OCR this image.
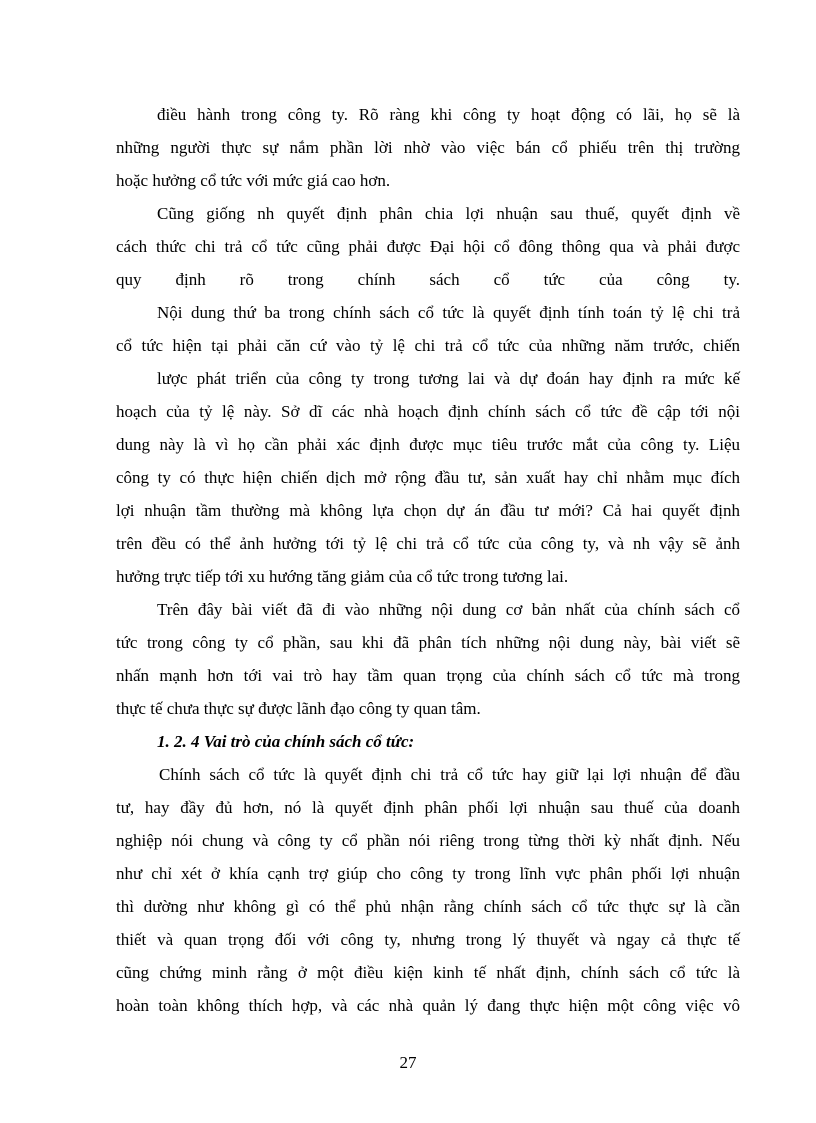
điều hành trong công ty. Rõ ràng khi công ty hoạt động có lãi, họ sẽ là
những người thực sự nắm phần lời nhờ vào việc bán cổ phiếu trên thị trường
hoặc hưởng cổ tức với mức giá cao hơn.
Cũng giống nh quyết định phân chia lợi nhuận sau thuế, quyết định về
cách thức chi trả cổ tức cũng phải được Đại hội cổ đông thông qua và phải được
quy định rõ trong chính sách cổ tức của công ty.
Nội dung thứ ba trong chính sách cổ tức là quyết định tính toán tỷ lệ chi trả
cổ tức hiện tại phải căn cứ vào tỷ lệ chi trả cổ tức của những năm trước, chiến
lược phát triển của công ty trong tương lai và dự đoán hay định ra mức kế
hoạch của tỷ lệ này. Sở dĩ các nhà hoạch định chính sách cổ tức đề cập tới nội
dung này là vì họ cần phải xác định được mục tiêu trước mắt của công ty. Liệu
công ty có thực hiện chiến dịch mở rộng đầu tư, sản xuất hay chỉ nhằm mục đích
lợi nhuận tầm thường mà không lựa chọn dự án đầu tư mới? Cả hai quyết định
trên đều có thể ảnh hưởng tới tỷ lệ chi trả cổ tức của công ty, và nh vậy sẽ ảnh
hưởng trực tiếp tới xu hướng tăng giảm của cổ tức trong tương lai.
Trên đây bài viết đã đi vào những nội dung cơ bản nhất của chính sách cổ
tức trong công ty cổ phần, sau khi đã phân tích những nội dung này, bài viết sẽ
nhấn mạnh hơn tới vai trò hay tầm quan trọng của chính sách cổ tức mà trong
thực tế chưa thực sự được lãnh đạo công ty quan tâm.
1. 2. 4 Vai trò của chính sách cổ tức:
Chính sách cổ tức là quyết định chi trả cổ tức hay giữ lại lợi nhuận để đầu
tư, hay đầy đủ hơn, nó là quyết định phân phối lợi nhuận sau thuế của doanh
nghiệp nói chung và công ty cổ phần nói riêng trong từng thời kỳ nhất định. Nếu
như chỉ xét ở khía cạnh trợ giúp cho công ty trong lĩnh vực phân phối lợi nhuận
thì dường như không gì có thể phủ nhận rằng chính sách cổ tức thực sự là cần
thiết và quan trọng đối với công ty, nhưng trong lý thuyết và ngay cả thực tế
cũng chứng minh rằng ở một điều kiện kinh tế nhất định, chính sách cổ tức là
hoàn toàn không thích hợp, và các nhà quản lý đang thực hiện một công việc vô
27
